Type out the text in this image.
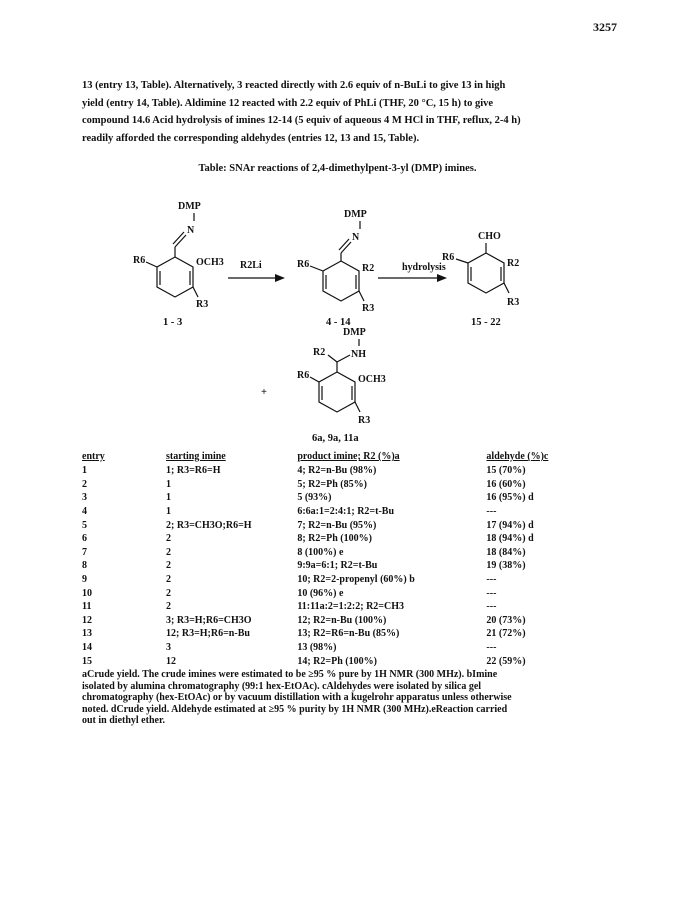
3257
13 (entry 13, Table). Alternatively, 3 reacted directly with 2.6 equiv of n-BuLi to give 13 in high
yield (entry 14, Table). Aldimine 12 reacted with 2.2 equiv of PhLi (THF, 20 °C, 15 h) to give
compound 14.6 Acid hydrolysis of imines 12-14 (5 equiv of aqueous 4 M HCl in THF, reflux, 2-4 h)
readily afforded the corresponding aldehydes (entries 12, 13 and 15, Table).
Table: SNAr reactions of 2,4-dimethylpent-3-yl (DMP) imines.
DMP
N
R6	OCH3
R3
1 - 3
R2Li
DMP
N
R6	R2
R3
4 - 14
hydrolysis
CHO
R6
R2
R3
15 - 22
+
DMP
NH
R2
R6	OCH3
R3
6a, 9a, 11a
entry	starting imine	product imine; R2 (%)a	aldehyde (%)c
1	1; R3=R6=H	4; R2=n-Bu (98%)	15 (70%)
2	1	5; R2=Ph (85%)	16 (60%)
3	1	5 (93%)	16 (95%) d
4	1	6:6a:1=2:4:1; R2=t-Bu	---
5	2; R3=CH3O;R6=H	7; R2=n-Bu (95%)	17 (94%) d
6	2	8; R2=Ph (100%)	18 (94%) d
7	2	8 (100%) e	18 (84%)
8	2	9:9a=6:1; R2=t-Bu	19 (38%)
9	2	10; R2=2-propenyl (60%) b	---
10	2	10 (96%) e	---
11	2	11:11a:2=1:2:2; R2=CH3	---
12	3; R3=H;R6=CH3O	12; R2=n-Bu (100%)	20 (73%)
13	12; R3=H;R6=n-Bu	13; R2=R6=n-Bu (85%)	21 (72%)
14	3	13 (98%)	---
15	12	14; R2=Ph (100%)	22 (59%)
aCrude yield. The crude imines were estimated to be ≥95 % pure by 1H NMR (300 MHz). bImine
isolated by alumina chromatography (99:1 hex-EtOAc). cAldehydes were isolated by silica gel
chromatography (hex-EtOAc) or by vacuum distillation with a kugelrohr apparatus unless otherwise
noted. dCrude yield. Aldehyde estimated at ≥95 % purity by 1H NMR (300 MHz).eReaction carried
out in diethyl ether.
